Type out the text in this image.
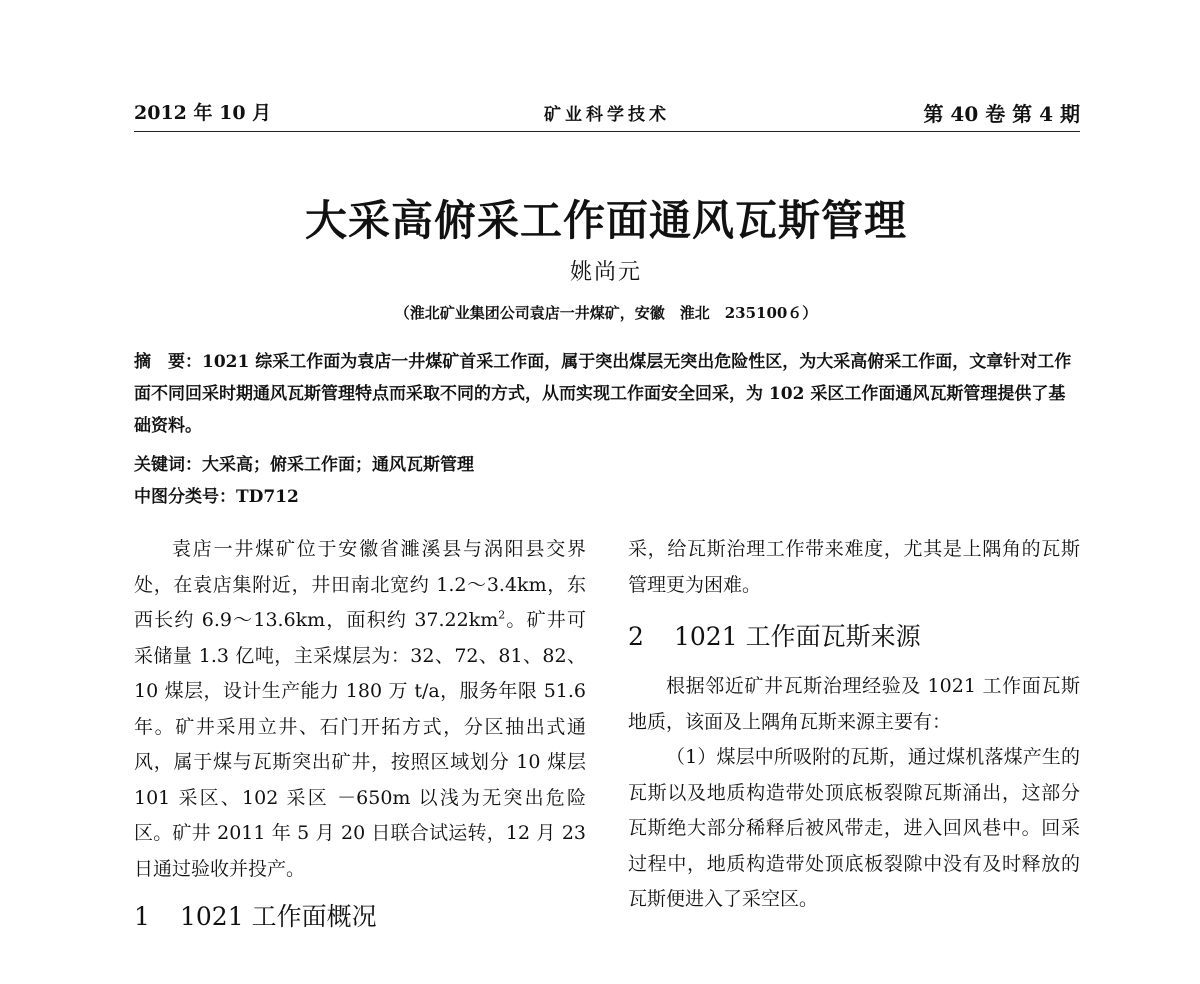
2012 年 10 月	矿业科学技术	第 40 卷 第 4 期
大采高俯采工作面通风瓦斯管理
姚尚元
（淮北矿业集团公司袁店一井煤矿，安徽　淮北　235100６）
摘　要：1021 综采工作面为袁店一井煤矿首采工作面，属于突出煤层无突出危险性区，为大采高俯采工作面，文章针对工作面不同回采时期通风瓦斯管理特点而采取不同的方式，从而实现工作面安全回采，为 102 采区工作面通风瓦斯管理提供了基础资料。
关键词：大采高；俯采工作面；通风瓦斯管理
中图分类号：TD712

袁店一井煤矿位于安徽省濉溪县与涡阳县交界处，在袁店集附近，井田南北宽约 1.2～3.4km，东西长约 6.9～13.6km，面积约 $37.22km^2$。矿井可采储量 1.3 亿吨，主采煤层为：32、72、81、82、10 煤层，设计生产能力 180 万 t/a，服务年限 51.6 年。矿井采用立井、石门开拓方式，分区抽出式通风，属于煤与瓦斯突出矿井，按照区域划分 10 煤层 101 采区、102 采区 －650m 以浅为无突出危险区。矿井 2011 年 5 月 20 日联合试运转，12 月 23 日通过验收并投产。

1 1021 工作面概况

采，给瓦斯治理工作带来难度，尤其是上隅角的瓦斯管理更为困难。

2 1021 工作面瓦斯来源

根据邻近矿井瓦斯治理经验及 1021 工作面瓦斯地质，该面及上隅角瓦斯来源主要有：

（1）煤层中所吸附的瓦斯，通过煤机落煤产生的瓦斯以及地质构造带处顶底板裂隙瓦斯涌出，这部分瓦斯绝大部分稀释后被风带走，进入回风巷中。回采过程中，地质构造带处顶底板裂隙中没有及时释放的瓦斯便进入了采空区。
